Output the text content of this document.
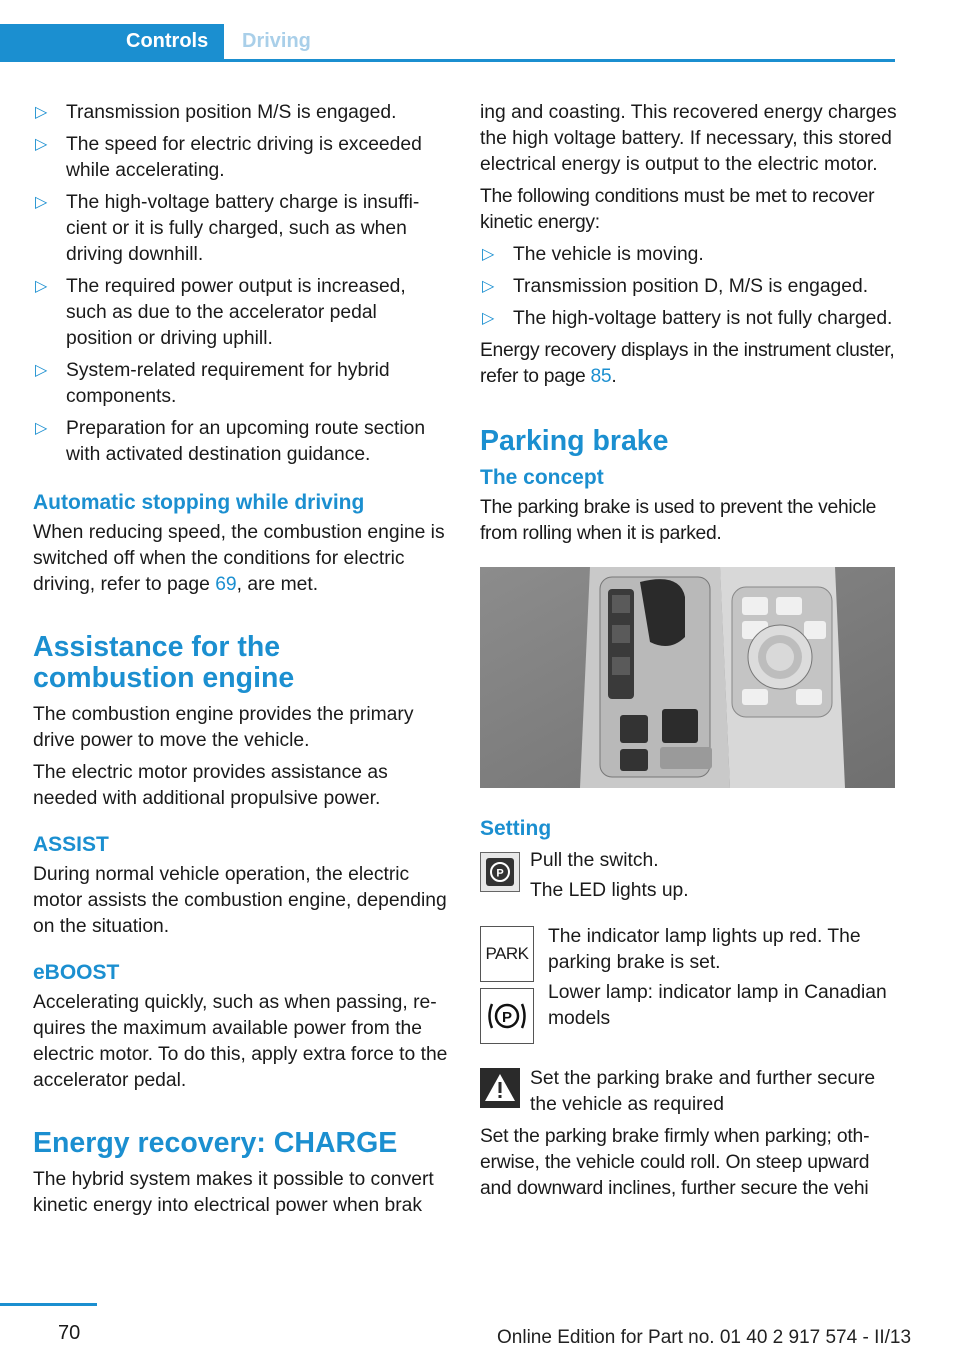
Controls	Driving
▷ Transmission position M/S is engaged.
▷ The speed for electric driving is exceeded while accelerating.
▷ The high-voltage battery charge is insufficient or it is fully charged, such as when driving downhill.
▷ The required power output is increased, such as due to the accelerator pedal position or driving uphill.
▷ System-related requirement for hybrid components.
▷ Preparation for an upcoming route section with activated destination guidance.
Automatic stopping while driving

When reducing speed, the combustion engine is switched off when the conditions for electric driving, refer to page 69, are met.

Assistance for the combustion engine

The combustion engine provides the primary drive power to move the vehicle.

The electric motor provides assistance as needed with additional propulsive power.

ASSIST

During normal vehicle operation, the electric motor assists the combustion engine, depending on the situation.

eBOOST

Accelerating quickly, such as when passing, requires the maximum available power from the electric motor. To do this, apply extra force to the accelerator pedal.

Energy recovery: CHARGE

The hybrid system makes it possible to convert kinetic energy into electrical power when brak

ing and coasting. This recovered energy charges the high voltage battery. If necessary, this stored electrical energy is output to the electric motor.

The following conditions must be met to recover kinetic energy:

▷ The vehicle is moving.
▷ Transmission position D, M/S is engaged.
▷ The high-voltage battery is not fully charged.

Energy recovery displays in the instrument cluster, refer to page 85.

Parking brake
The concept

The parking brake is used to prevent the vehicle from rolling when it is parked.

Setting
P
Pull the switch.
The LED lights up.
PARK
P
The indicator lamp lights up red. The parking brake is set.
Lower lamp: indicator lamp in Canadian models
Set the parking brake and further secure the vehicle as required

Set the parking brake firmly when parking; otherwise, the vehicle could roll. On steep upward and downward inclines, further secure the vehi

70	Online Edition for Part no. 01 40 2 917 574 - II/13
